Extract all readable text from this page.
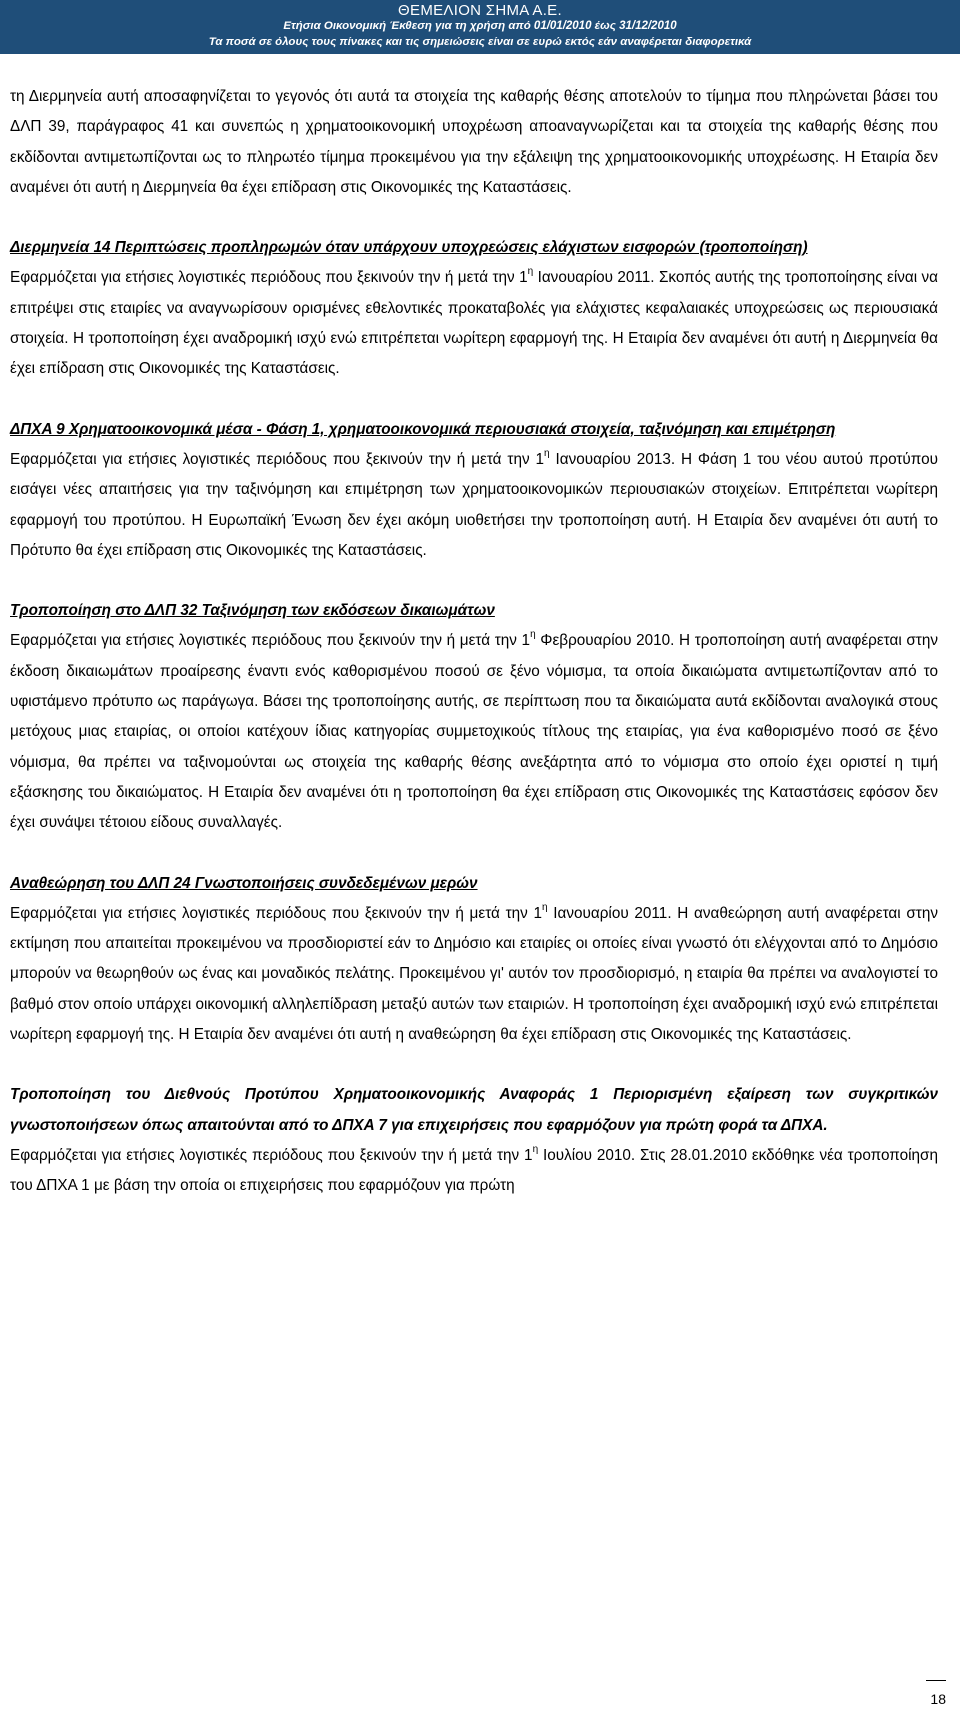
ΘΕΜΕΛΙΟΝ ΣΗΜΑ Α.Ε.
Ετήσια Οικονομική Έκθεση για τη χρήση από 01/01/2010 έως 31/12/2010
Τα ποσά σε όλους τους πίνακες και τις σημειώσεις είναι σε ευρώ εκτός εάν αναφέρεται διαφορετικά

τη Διερμηνεία αυτή αποσαφηνίζεται το γεγονός ότι αυτά τα στοιχεία της καθαρής θέσης αποτελούν το τίμημα που πληρώνεται βάσει του ΔΛΠ 39, παράγραφος 41 και συνεπώς η χρηματοοικονομική υποχρέωση αποαναγνωρίζεται και τα στοιχεία της καθαρής θέσης που εκδίδονται αντιμετωπίζονται ως το πληρωτέο τίμημα προκειμένου για την εξάλειψη της χρηματοοικονομικής υποχρέωσης. Η Εταιρία δεν αναμένει ότι αυτή η Διερμηνεία θα έχει επίδραση στις Οικονομικές της Καταστάσεις.

Διερμηνεία 14 Περιπτώσεις προπληρωμών όταν υπάρχουν υποχρεώσεις ελάχιστων εισφορών (τροποποίηση)

Εφαρμόζεται για ετήσιες λογιστικές περιόδους που ξεκινούν την ή μετά την $1^\eta$ Ιανουαρίου 2011. Σκοπός αυτής της τροποποίησης είναι να επιτρέψει στις εταιρίες να αναγνωρίσουν ορισμένες εθελοντικές προκαταβολές για ελάχιστες κεφαλαιακές υποχρεώσεις ως περιουσιακά στοιχεία. Η τροποποίηση έχει αναδρομική ισχύ ενώ επιτρέπεται νωρίτερη εφαρμογή της. Η Εταιρία δεν αναμένει ότι αυτή η Διερμηνεία θα έχει επίδραση στις Οικονομικές της Καταστάσεις.

ΔΠΧΑ 9 Χρηματοοικονομικά μέσα - Φάση 1, χρηματοοικονομικά περιουσιακά στοιχεία, ταξινόμηση και επιμέτρηση

Εφαρμόζεται για ετήσιες λογιστικές περιόδους που ξεκινούν την ή μετά την $1^\eta$ Ιανουαρίου 2013. Η Φάση 1 του νέου αυτού προτύπου εισάγει νέες απαιτήσεις για την ταξινόμηση και επιμέτρηση των χρηματοοικονομικών περιουσιακών στοιχείων. Επιτρέπεται νωρίτερη εφαρμογή του προτύπου. Η Ευρωπαϊκή Ένωση δεν έχει ακόμη υιοθετήσει την τροποποίηση αυτή. Η Εταιρία δεν αναμένει ότι αυτή το Πρότυπο θα έχει επίδραση στις Οικονομικές της Καταστάσεις.

Τροποποίηση στο ΔΛΠ 32 Ταξινόμηση των εκδόσεων δικαιωμάτων

Εφαρμόζεται για ετήσιες λογιστικές περιόδους που ξεκινούν την ή μετά την $1^\eta$ Φεβρουαρίου 2010. Η τροποποίηση αυτή αναφέρεται στην έκδοση δικαιωμάτων προαίρεσης έναντι ενός καθορισμένου ποσού σε ξένο νόμισμα, τα οποία δικαιώματα αντιμετωπίζονταν από το υφιστάμενο πρότυπο ως παράγωγα. Βάσει της τροποποίησης αυτής, σε περίπτωση που τα δικαιώματα αυτά εκδίδονται αναλογικά στους μετόχους μιας εταιρίας, οι οποίοι κατέχουν ίδιας κατηγορίας συμμετοχικούς τίτλους της εταιρίας, για ένα καθορισμένο ποσό σε ξένο νόμισμα, θα πρέπει να ταξινομούνται ως στοιχεία της καθαρής θέσης ανεξάρτητα από το νόμισμα στο οποίο έχει οριστεί η τιμή εξάσκησης του δικαιώματος. Η Εταιρία δεν αναμένει ότι η τροποποίηση θα έχει επίδραση στις Οικονομικές της Καταστάσεις εφόσον δεν έχει συνάψει τέτοιου είδους συναλλαγές.

Αναθεώρηση του ΔΛΠ 24 Γνωστοποιήσεις συνδεδεμένων μερών

Εφαρμόζεται για ετήσιες λογιστικές περιόδους που ξεκινούν την ή μετά την $1^\eta$ Ιανουαρίου 2011. Η αναθεώρηση αυτή αναφέρεται στην εκτίμηση που απαιτείται προκειμένου να προσδιοριστεί εάν το Δημόσιο και εταιρίες οι οποίες είναι γνωστό ότι ελέγχονται από το Δημόσιο μπορούν να θεωρηθούν ως ένας και μοναδικός πελάτης. Προκειμένου γι' αυτόν τον προσδιορισμό, η εταιρία θα πρέπει να αναλογιστεί το βαθμό στον οποίο υπάρχει οικονομική αλληλεπίδραση μεταξύ αυτών των εταιριών. Η τροποποίηση έχει αναδρομική ισχύ ενώ επιτρέπεται νωρίτερη εφαρμογή της. Η Εταιρία δεν αναμένει ότι αυτή η αναθεώρηση θα έχει επίδραση στις Οικονομικές της Καταστάσεις.

Τροποποίηση του Διεθνούς Προτύπου Χρηματοοικονομικής Αναφοράς 1 Περιορισμένη εξαίρεση των συγκριτικών γνωστοποιήσεων όπως απαιτούνται από το ΔΠΧΑ 7 για επιχειρήσεις που εφαρμόζουν για πρώτη φορά τα ΔΠΧΑ.

Εφαρμόζεται για ετήσιες λογιστικές περιόδους που ξεκινούν την ή μετά την $1^\eta$ Ιουλίου 2010. Στις 28.01.2010 εκδόθηκε νέα τροποποίηση του ΔΠΧΑ 1 με βάση την οποία οι επιχειρήσεις που εφαρμόζουν για πρώτη

18
